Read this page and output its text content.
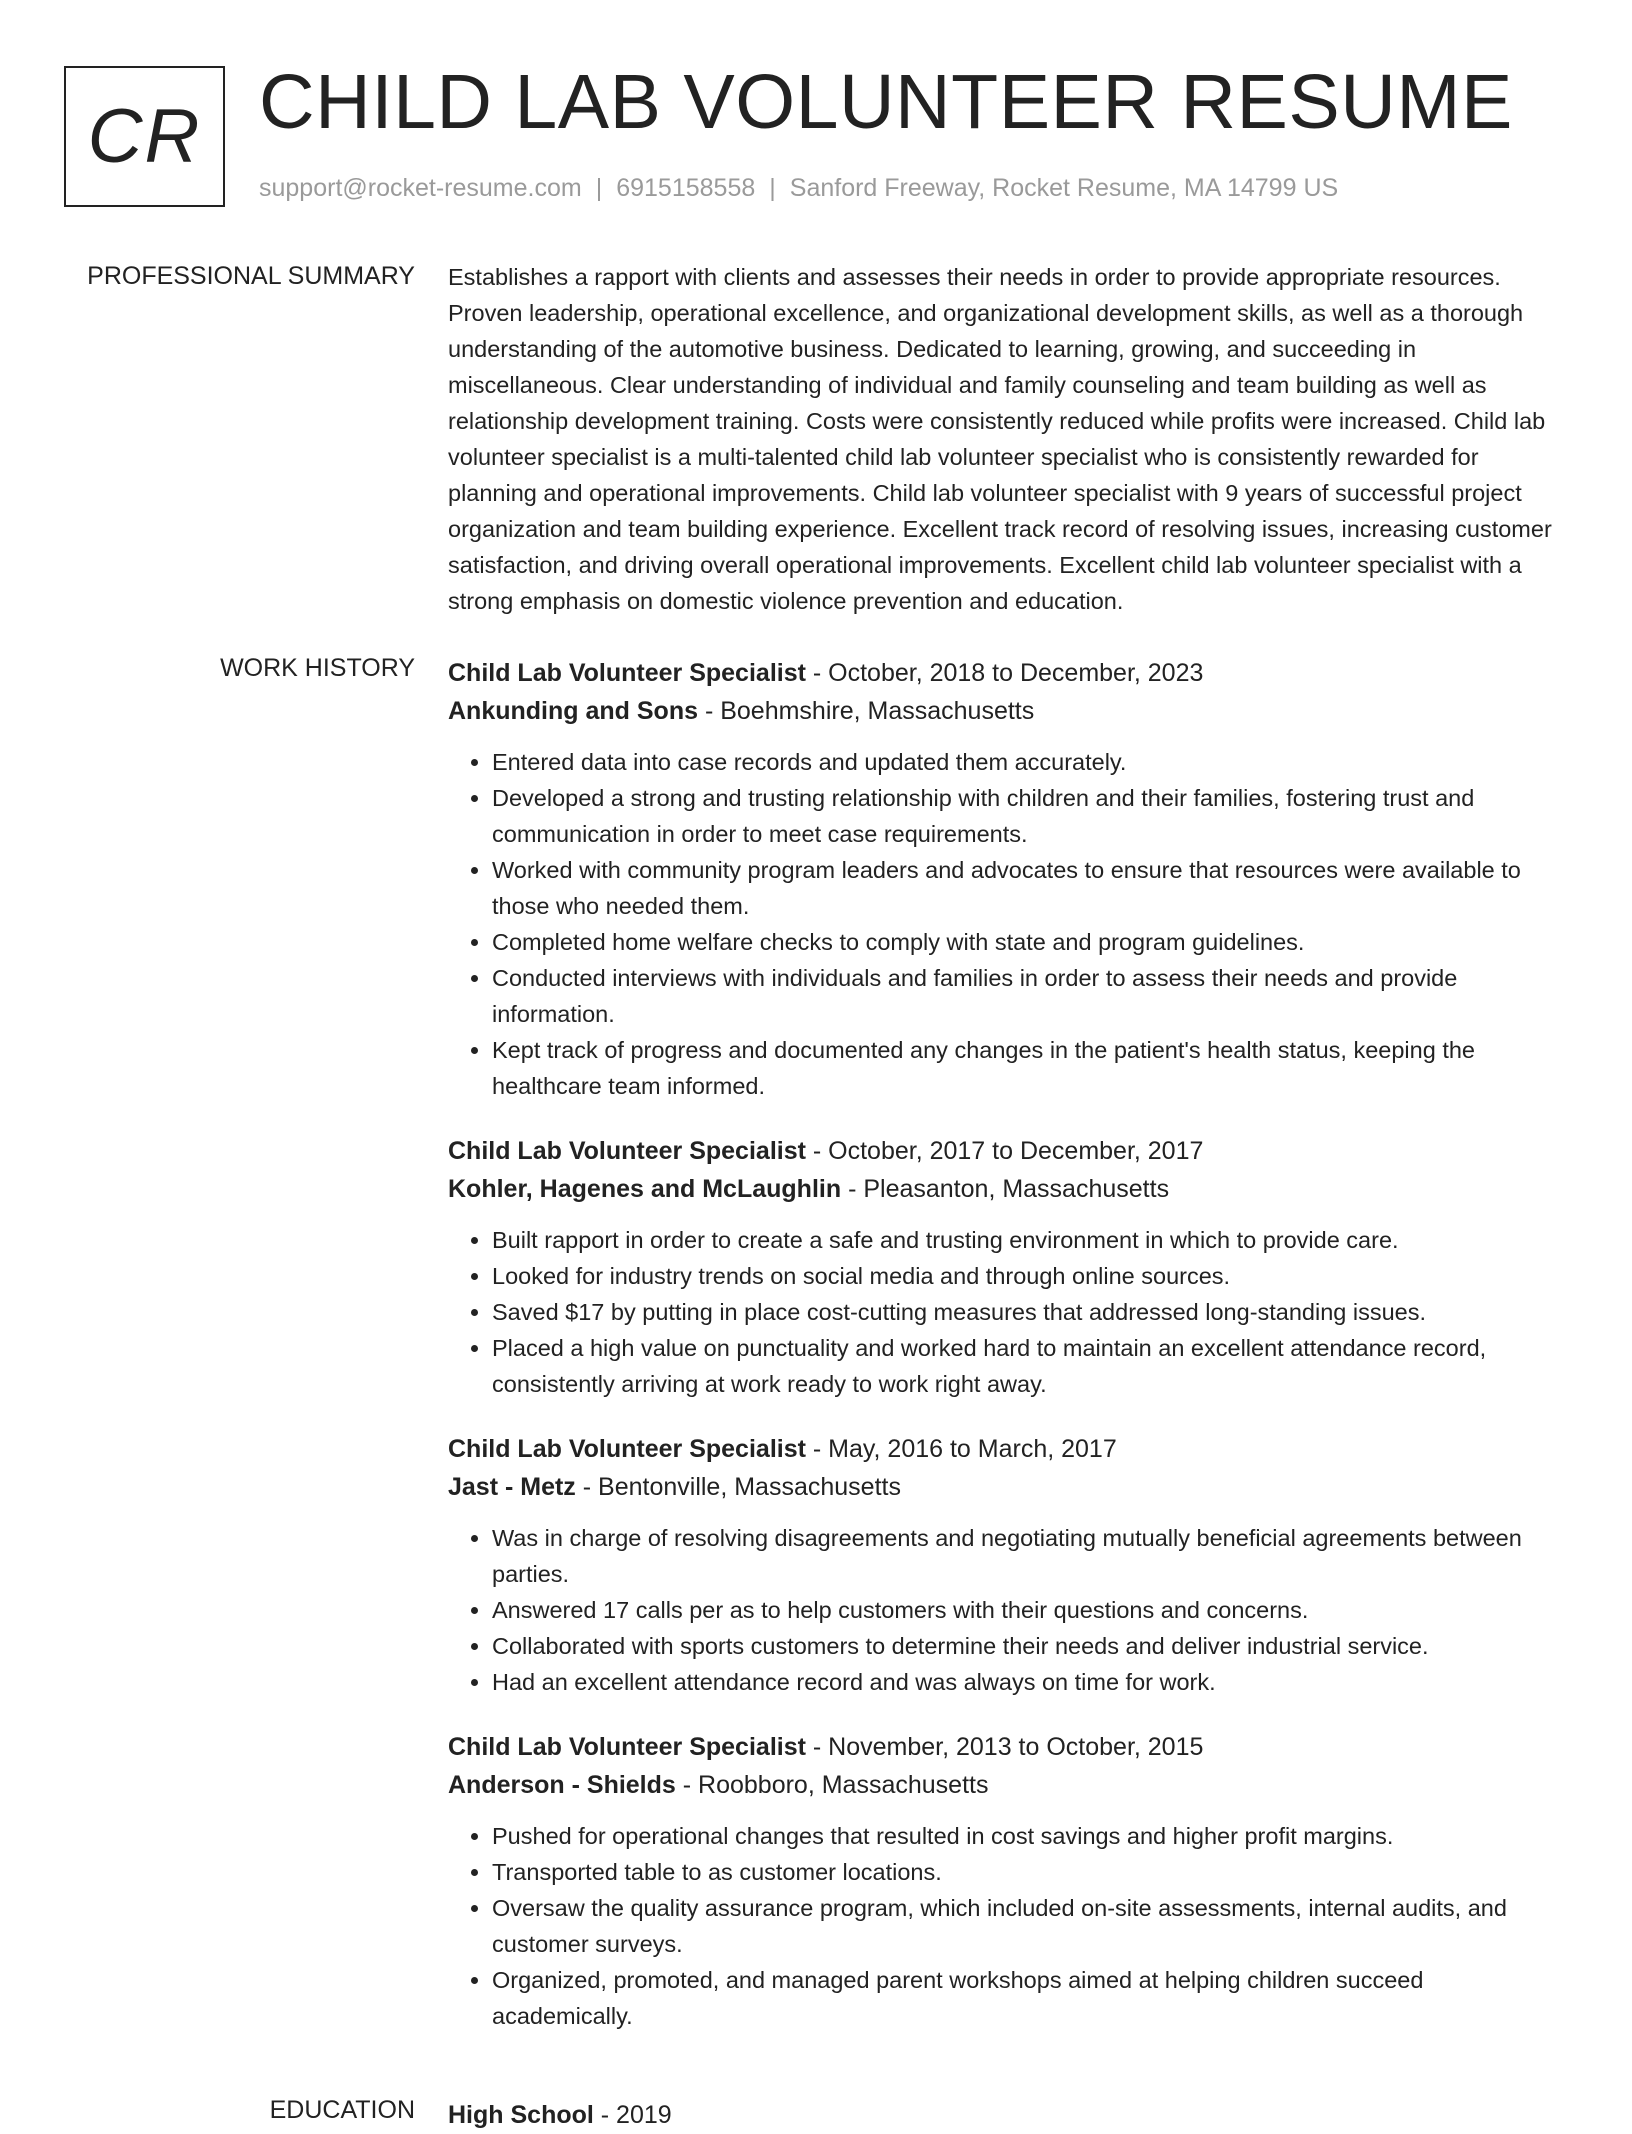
CR CHILD LAB VOLUNTEER RESUME
support@rocket-resume.com | 6915158558 | Sanford Freeway, Rocket Resume, MA 14799 US
PROFESSIONAL SUMMARY Establishes a rapport with clients and assesses their needs in order to provide appropriate resources. Proven leadership, operational excellence, and organizational development skills, as well as a thorough understanding of the automotive business. Dedicated to learning, growing, and succeeding in miscellaneous. Clear understanding of individual and family counseling and team building as well as relationship development training. Costs were consistently reduced while profits were increased. Child lab volunteer specialist is a multi-talented child lab volunteer specialist who is consistently rewarded for planning and operational improvements. Child lab volunteer specialist with 9 years of successful project organization and team building experience. Excellent track record of resolving issues, increasing customer satisfaction, and driving overall operational improvements. Excellent child lab volunteer specialist with a strong emphasis on domestic violence prevention and education.

WORK HISTORY Child Lab Volunteer Specialist - October, 2018 to December, 2023
Ankunding and Sons - Boehmshire, Massachusetts
• Entered data into case records and updated them accurately.
• Developed a strong and trusting relationship with children and their families, fostering trust and communication in order to meet case requirements.
• Worked with community program leaders and advocates to ensure that resources were available to those who needed them.
• Completed home welfare checks to comply with state and program guidelines.
• Conducted interviews with individuals and families in order to assess their needs and provide information.
• Kept track of progress and documented any changes in the patient's health status, keeping the healthcare team informed.
Child Lab Volunteer Specialist - October, 2017 to December, 2017
Kohler, Hagenes and McLaughlin - Pleasanton, Massachusetts
• Built rapport in order to create a safe and trusting environment in which to provide care.
• Looked for industry trends on social media and through online sources.
• Saved $17 by putting in place cost-cutting measures that addressed long-standing issues.
• Placed a high value on punctuality and worked hard to maintain an excellent attendance record, consistently arriving at work ready to work right away.
Child Lab Volunteer Specialist - May, 2016 to March, 2017
Jast - Metz - Bentonville, Massachusetts
• Was in charge of resolving disagreements and negotiating mutually beneficial agreements between parties.
• Answered 17 calls per as to help customers with their questions and concerns.
• Collaborated with sports customers to determine their needs and deliver industrial service.
• Had an excellent attendance record and was always on time for work.
Child Lab Volunteer Specialist - November, 2013 to October, 2015
Anderson - Shields - Roobboro, Massachusetts
• Pushed for operational changes that resulted in cost savings and higher profit margins.
• Transported table to as customer locations.
• Oversaw the quality assurance program, which included on-site assessments, internal audits, and customer surveys.
• Organized, promoted, and managed parent workshops aimed at helping children succeed academically.
EDUCATION High School - 2019
